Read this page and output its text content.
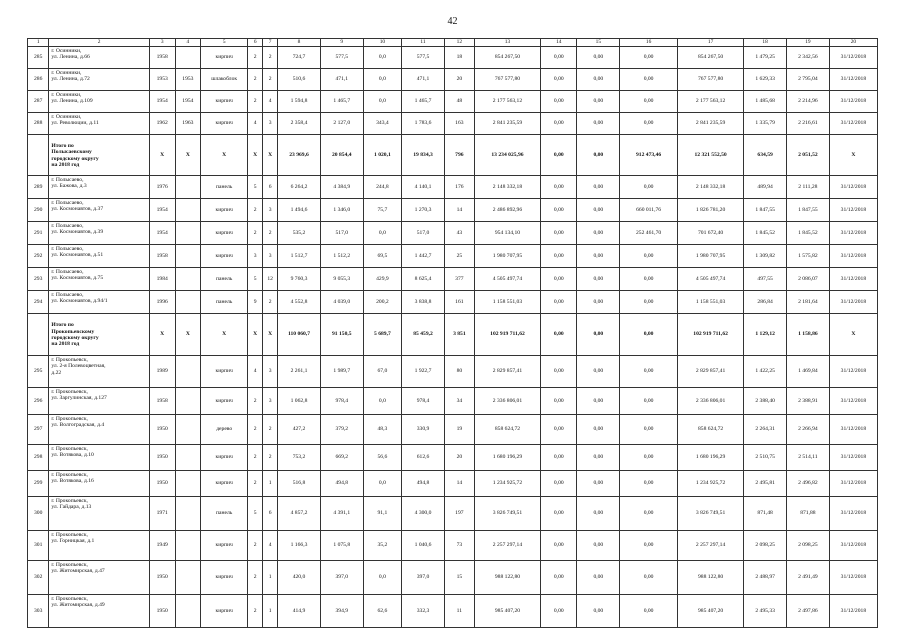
42
1	2	3	4	5	6	7	8	9	10	11	12	13	14	15	16	17	18	19	20
285	г. Осинники,
ул. Ленина, д.66	1958		кирпич	2	2	724,7	577,5	0,0	577,5	18	854 267,50	0,00	0,00	0,00	854 267,50	1 479,25	2 342,56	31/12/2018
286	г. Осинники,
ул. Ленина, д.72	1953	1953	шлакоблок	2	2	510,6	471,1	0,0	471,1	20	767 577,80	0,00	0,00	0,00	767 577,80	1 629,33	2 795,04	31/12/2018
287	г. Осинники,
ул. Ленина, д.109	1954	1954	кирпич	2	4	1 594,8	1 465,7	0,0	1 465,7	48	2 177 563,12	0,00	0,00	0,00	2 177 563,12	1 485,68	2 214,96	31/12/2018
288	г. Осинники,
ул. Революции, д.11	1962	1963	кирпич	4	3	2 358,4	2 127,0	343,4	1 783,6	163	2 841 235,59	0,00	0,00	0,00	2 841 235,59	1 335,79	2 216,61	31/12/2018
	Итого по
Полысаевскому
городскому округу
на 2018 год	X	X	X	X	X	23 969,6	20 854,4	1 020,1	19 834,3	796	13 234 025,96	0,00	0,00	912 473,46	12 321 552,50	634,59	2 051,52	X
289	г. Полысаево,
ул. Бажова, д.3	1976		панель	5	6	6 264,2	4 384,9	244,8	4 140,1	176	2 148 332,18	0,00	0,00	0,00	2 148 332,18	489,94	2 111,28	31/12/2018
290	г. Полысаево,
ул. Космонавтов, д.37	1954		кирпич	2	3	1 494,6	1 346,0	75,7	1 270,3	14	2 486 892,96	0,00	0,00	660 011,76	1 826 781,20	1 847,55	1 847,55	31/12/2018
291	г. Полысаево,
ул. Космонавтов, д.39	1954		кирпич	2	2	535,2	517,0	0,0	517,0	43	954 134,10	0,00	0,00	252 461,70	701 672,40	1 845,52	1 845,52	31/12/2018
292	г. Полысаево,
ул. Космонавтов, д.51	1958		кирпич	3	3	1 512,7	1 512,2	69,5	1 442,7	25	1 980 707,95	0,00	0,00	0,00	1 980 707,95	1 309,82	1 575,82	31/12/2018
293	г. Полысаево,
ул. Космонавтов, д.75	1984		панель	5	12	9 760,3	9 055,3	429,9	8 625,4	377	4 505 497,74	0,00	0,00	0,00	4 505 497,74	497,55	2 086,07	31/12/2018
294	г. Полысаево,
ул. Космонавтов, д.94/1	1996		панель	9	2	4 552,8	4 039,0	200,2	3 838,8	161	1 158 551,03	0,00	0,00	0,00	1 158 551,03	286,84	2 181,64	31/12/2018
	Итого по
Прокопьевскому
городскому округу
на 2018 год	X	X	X	X	X	110 060,7	91 150,5	5 689,7	85 459,2	3 851	102 919 711,62	0,00	0,00	0,00	102 919 711,62	1 129,12	1 158,86	X
295	г. Прокопьевск,
ул. 2-я Полевоцветная,
д.22	1989		кирпич	4	3	2 261,1	1 989,7	67,0	1 922,7	80	2 829 857,41	0,00	0,00	0,00	2 829 857,41	1 422,25	1 469,84	31/12/2018
296	г. Прокопьевск,
ул. Заргулинская, д.127	1958		кирпич	2	3	1 062,8	978,4	0,0	978,4	34	2 336 806,01	0,00	0,00	0,00	2 336 806,01	2 388,40	2 388,91	31/12/2018
297	г. Прокопьевск,
ул. Волгоградская, д.4	1950		дерево	2	2	427,2	379,2	48,3	330,9	19	858 624,72	0,00	0,00	0,00	858 624,72	2 264,31	2 266,94	31/12/2018
298	г. Прокопьевск,
ул. Вотякова, д.10	1950		кирпич	2	2	753,2	669,2	56,6	612,6	20	1 680 196,29	0,00	0,00	0,00	1 680 196,29	2 510,75	2 514,11	31/12/2018
299	г. Прокопьевск,
ул. Вотякова, д.16	1950		кирпич	2	1	516,8	494,8	0,0	494,8	14	1 234 925,72	0,00	0,00	0,00	1 234 925,72	2 495,81	2 496,82	31/12/2018
300	г. Прокопьевск,
ул. Гайдара, д.13	1971		панель	5	6	4 857,2	4 391,1	91,1	4 300,0	197	3 826 749,51	0,00	0,00	0,00	3 826 749,51	871,48	871,88	31/12/2018
301	г. Прокопьевск,
ул. Горницкая, д.1	1949		кирпич	2	4	1 166,3	1 075,8	35,2	1 040,6	73	2 257 297,14	0,00	0,00	0,00	2 257 297,14	2 098,25	2 098,25	31/12/2018
302	г. Прокопьевск,
ул. Житомирская, д.47	1950		кирпич	2	1	420,0	397,0	0,0	397,0	15	988 122,80	0,00	0,00	0,00	988 122,80	2 488,97	2 491,49	31/12/2018
303	г. Прокопьевск,
ул. Житомирская, д.49	1950		кирпич	2	1	414,9	394,9	62,6	332,3	11	985 407,20	0,00	0,00	0,00	985 407,20	2 495,33	2 497,86	31/12/2018
